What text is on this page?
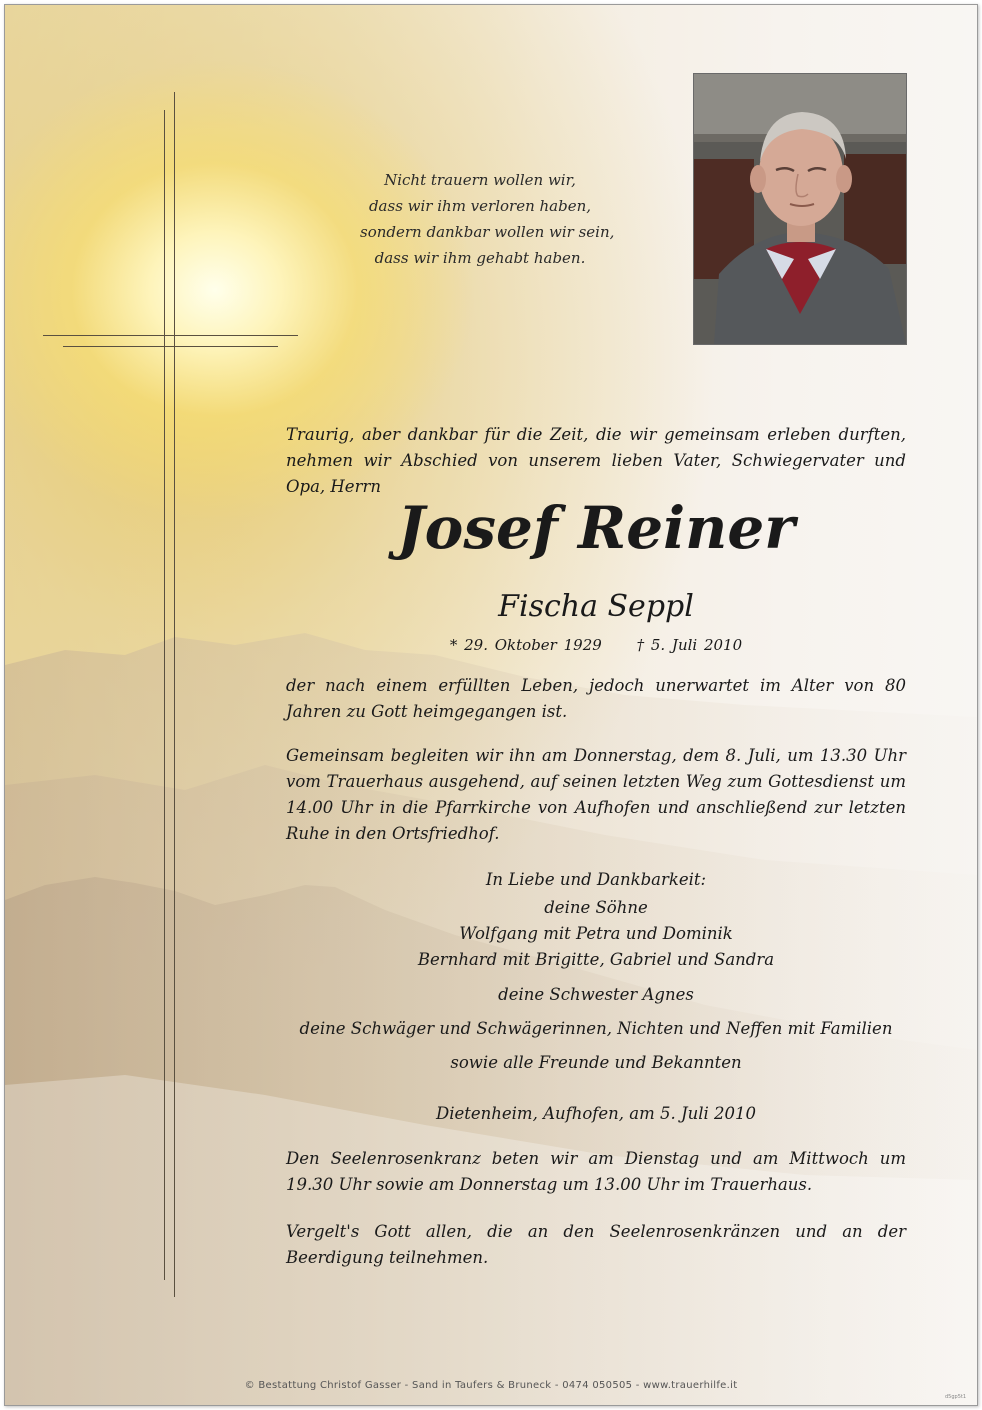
Nicht trauern wollen wir,
dass wir ihm verloren haben,
sondern dankbar wollen wir sein,
dass wir ihm gehabt haben.
Traurig, aber dankbar für die Zeit, die wir gemeinsam erleben durften, nehmen wir Abschied von unserem lieben Vater, Schwiegervater und Opa, Herrn
Josef Reiner
Fischa Seppl
* 29. Oktober 1929 † 5. Juli 2010
der nach einem erfüllten Leben, jedoch unerwartet im Alter von 80 Jahren zu Gott heimgegangen ist.
Gemeinsam begleiten wir ihn am Donnerstag, dem 8. Juli, um 13.30 Uhr vom Trauerhaus ausgehend, auf seinen letzten Weg zum Gottesdienst um 14.00 Uhr in die Pfarrkirche von Aufhofen und anschließend zur letzten Ruhe in den Ortsfriedhof.
In Liebe und Dankbarkeit:
deine Söhne
Wolfgang mit Petra und Dominik
Bernhard mit Brigitte, Gabriel und Sandra
deine Schwester Agnes
deine Schwäger und Schwägerinnen, Nichten und Neffen mit Familien
sowie alle Freunde und Bekannten
Dietenheim, Aufhofen, am 5. Juli 2010
Den Seelenrosenkranz beten wir am Dienstag und am Mittwoch um 19.30 Uhr sowie am Donnerstag um 13.00 Uhr im Trauerhaus.
Vergelt's Gott allen, die an den Seelenrosenkränzen und an der Beerdigung teilnehmen.
© Bestattung Christof Gasser - Sand in Taufers & Bruneck - 0474 050505 - www.trauerhilfe.it
d5gp5t1
